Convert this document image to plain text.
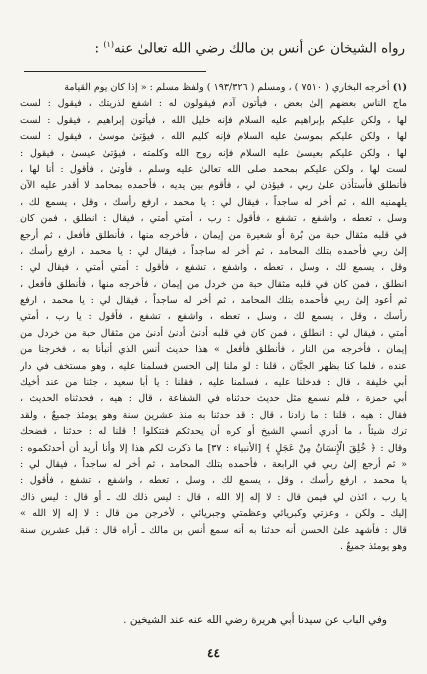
رواه الشيخان عن أنس بن مالك رضي الله تعالىٰ عنه$^{(١)}$ :
(١) أخرجه البخاري ( ٧٥١٠ ) ، ومسلم ( ١٩٣/٣٢٦ ) ولفظ مسلم : « إذا كان يوم القيامة
ماج الناس بعضهم إلىٰ بعض ، فيأتون آدم فيقولون له : اشفع لذريتك ، فيقول : لست
لها ، ولكن عليكم بإبراهيم عليه السلام فإنه خليل الله ، فيأتون إبراهيم ، فيقول : لست
لها ، ولكن عليكم بموسىٰ عليه السلام فإنه كليم الله ، فيؤتىٰ موسىٰ ، فيقول : لست
لها ، ولكن عليكم بعيسىٰ عليه السلام فإنه روح الله وكلمته ، فيؤتىٰ عيسىٰ ، فيقول :
لست لها ، ولكن عليكم بمحمد صلى الله تعالىٰ عليه وسلم ، فأوتىٰ ، فأقول : أنا لها ،
فأنطلق فأستأذن علىٰ ربي ، فيؤذن لي ، فأقوم بين يديه ، فأحمده بمحامد لا أقدر عليه الآن
يلهمنيه الله ، ثم أخر له ساجداً ، فيقال لي : يا محمد ، ارفع رأسك ، وقل ، يسمع لك ،
وسل ، تعطه ، واشفع ، تشفع ، فأقول : رب ، أمتي أمتي ، فيقال : انطلق ، فمن كان
في قلبه مثقال حبة من بُرة أو شعيرة من إيمان ، فأخرجه منها ، فأنطلق فأفعل ، ثم أرجع
إلىٰ ربي فأحمده بتلك المحامد ، ثم أخر له ساجداً ، فيقال لي : يا محمد ، ارفع رأسك ،
وقل ، يسمع لك ، وسل ، تعطه ، واشفع ، تشفع ، فأقول : أمتي أمتي ، فيقال لي :
انطلق ، فمن كان في قلبه مثقال حبة من خردل من إيمان ، فأخرجه منها ، فأنطلق فأفعل ،
ثم أعود إلىٰ ربي فأحمده بتلك المحامد ، ثم أخر له ساجداً ، فيقال لي : يا محمد ، ارفع
رأسك ، وقل ، يسمع لك ، وسل ، تعطه ، واشفع ، تشفع ، فأقول : يا رب ، أمتي
أمتي ، فيقال لي : انطلق ، فمن كان في قلبه أدنىٰ أدنىٰ أدنىٰ من مثقال حبة من خردل من
إيمان ، فأخرجه من النار ، فأنطلق فأفعل » هذا حديث أنس الذي أنبأنا به ، فخرجنا من
عنده ، فلما كنا بظهر الجبَّان ، قلنا : لو ملنا إلى الحسن فسلمنا عليه ، وهو مستخف في دار
أبي خليفة ، قال : فدخلنا عليه ، فسلمنا عليه ، فقلنا : يا أبا سعيد ، جئنا من عند أخيك
أبي حمزة ، فلم نسمع مثل حديث حدثناه في الشفاعة ، قال : هيه ، فحدثناه الحديث ،
فقال : هيه ، قلنا : ما زادنا ، قال : قد حدثنا به منذ عشرين سنة وهو يومئذ جميعٌ ، ولقد
ترك شيئاً ، ما أدري أنسي الشيخ أو كره أن يحدثكم فتتكلوا ! قلنا له : حدثنا ، فضحك
وقال : ﴿ خُلِقَ الْإِنسَانُ مِنْ عَجَلٍ ﴾ [الأنبياء : ٣٧] ما ذكرت لكم هذا إلا وأنا أريد أن أحدثكموه :
« ثم أرجع إلىٰ ربي في الرابعة ، فأحمده بتلك المحامد ، ثم أخر له ساجداً ، فيقال لي :
يا محمد ، ارفع رأسك ، وقل ، يسمع لك ، وسل ، تعطه ، واشفع ، تشفع ، فأقول :
يا رب ، ائذن لي فيمن قال : لا إله إلا الله ، قال : ليس ذلك لك ـ أو قال : ليس ذاك
إليك ـ ولكن ، وعزتي وكبريائي وعظمتي وجبريائي ، لأخرجن من قال : لا إله إلا الله »
قال : فأشهد علىٰ الحسن أنه حدثنا به أنه سمع أنس بن مالك ـ أُراه قال : قبل عشرين سنة
وهو يومئذ جميعٌ .
وفي الباب عن سيدنا أبي هريرة رضي الله عنه عند الشيخين .
٤٤
